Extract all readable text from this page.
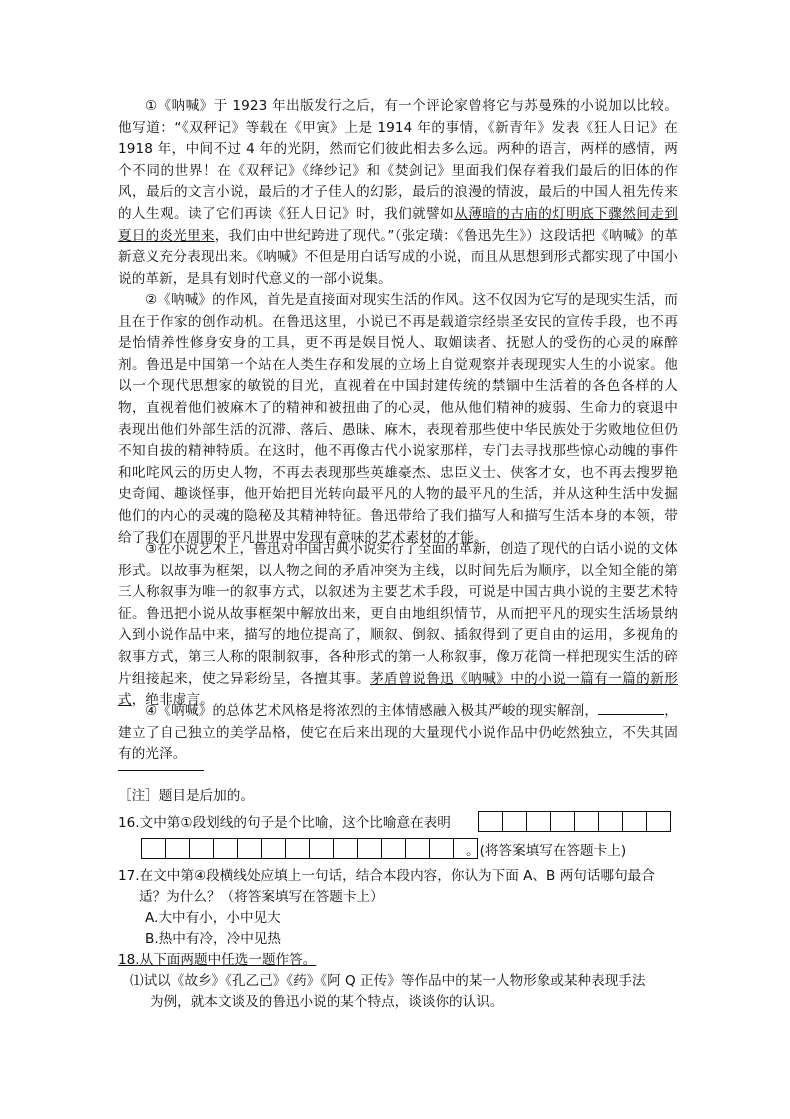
①《呐喊》于 1923 年出版发行之后，有一个评论家曾将它与苏曼殊的小说加以比较。他写道：“《双秤记》等载在《甲寅》上是 1914 年的事情，《新青年》发表《狂人日记》在 1918 年，中间不过 4 年的光阴，然而它们彼此相去多么远。两种的语言，两样的感情，两个不同的世界！在《双秤记》《绛纱记》和《焚剑记》里面我们保存着我们最后的旧体的作风，最后的文言小说，最后的才子佳人的幻影，最后的浪漫的情波，最后的中国人祖先传来的人生观。读了它们再读《狂人日记》时，我们就譬如从薄暗的古庙的灯明底下骤然间走到夏日的炎光里来，我们由中世纪跨进了现代。”（张定璜：《鲁迅先生》）这段话把《呐喊》的革新意义充分表现出来。《呐喊》不但是用白话写成的小说，而且从思想到形式都实现了中国小说的革新，是具有划时代意义的一部小说集。

②《呐喊》的作风，首先是直接面对现实生活的作风。这不仅因为它写的是现实生活，而且在于作家的创作动机。在鲁迅这里，小说已不再是载道宗经崇圣安民的宣传手段，也不再是怡情养性修身安身的工具，更不再是娱目悦人、取媚读者、抚慰人的受伤的心灵的麻醉剂。鲁迅是中国第一个站在人类生存和发展的立场上自觉观察并表现现实人生的小说家。他以一个现代思想家的敏锐的目光，直视着在中国封建传统的禁锢中生活着的各色各样的人物，直视着他们被麻木了的精神和被扭曲了的心灵，他从他们精神的疲弱、生命力的衰退中表现出他们外部生活的沉滞、落后、愚昧、麻木，表现着那些使中华民族处于劣败地位但仍不知自拔的精神特质。在这时，他不再像古代小说家那样，专门去寻找那些惊心动魄的事件和叱咤风云的历史人物，不再去表现那些英雄豪杰、忠臣义士、侠客才女，也不再去搜罗艳史奇闻、趣谈怪事，他开始把目光转向最平凡的人物的最平凡的生活，并从这种生活中发掘他们的内心的灵魂的隐秘及其精神特征。鲁迅带给了我们描写人和描写生活本身的本领，带给了我们在周围的平凡世界中发现有意味的艺术素材的才能。

③在小说艺术上，鲁迅对中国古典小说实行了全面的革新，创造了现代的白话小说的文体形式。以故事为框架，以人物之间的矛盾冲突为主线，以时间先后为顺序，以全知全能的第三人称叙事为唯一的叙事方式，以叙述为主要艺术手段，可说是中国古典小说的主要艺术特征。鲁迅把小说从故事框架中解放出来，更自由地组织情节，从而把平凡的现实生活场景纳入到小说作品中来，描写的地位提高了，顺叙、倒叙、插叙得到了更自由的运用，多视角的叙事方式，第三人称的限制叙事，各种形式的第一人称叙事，像万花筒一样把现实生活的碎片组接起来，使之异彩纷呈，各擅其事。茅盾曾说鲁迅《呐喊》中的小说一篇有一篇的新形式，绝非虚言。

④《呐喊》的总体艺术风格是将浓烈的主体情感融入极其严峻的现实解剖，	，建立了自己独立的美学品格，使它在后来出现的大量现代小说作品中仍屹然独立，不失其固有的光泽。

［注］题目是后加的。

16.文中第①段划线的句子是个比喻，这个比喻意在表明

。(将答案填写在答题卡上)

17.在文中第④段横线处应填上一句话，结合本段内容，你认为下面 A、B 两句话哪句最合

适？为什么？（将答案填写在答题卡上）

A.大中有小，小中见大

B.热中有冷，冷中见热

18.从下面两题中任选一题作答。

⑴试以《故乡》《孔乙己》《药》《阿 Q 正传》等作品中的某一人物形象或某种表现手法

为例，就本文谈及的鲁迅小说的某个特点，谈谈你的认识。
